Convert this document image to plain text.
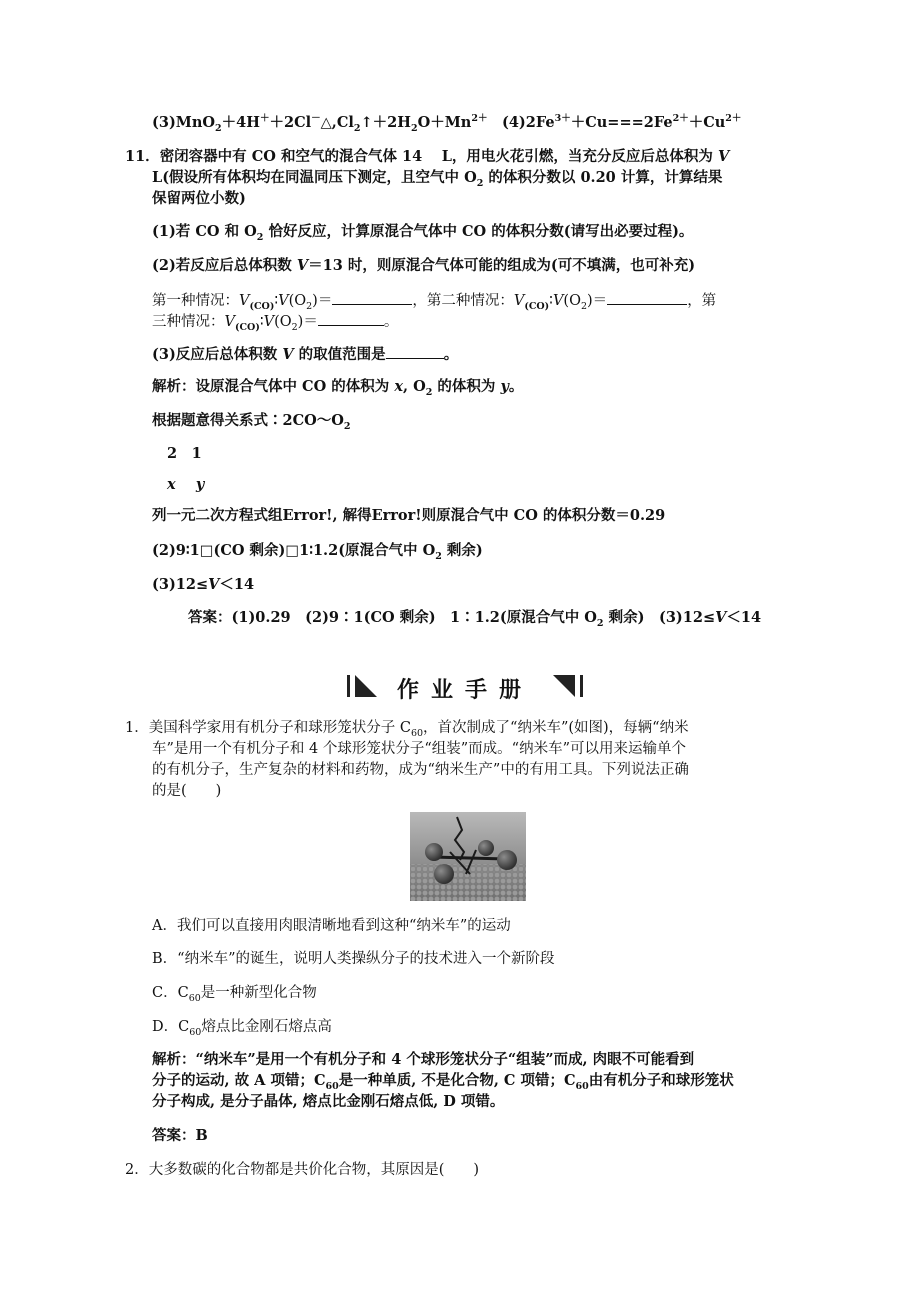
$(3)MnO_2+4H^++2Cl^-\triangle,Cl_2↑+2H_2O+Mn^{2+}$　 $(4)2Fe^{3+}+Cu===2Fe^{2+}+Cu^{2+}$
11．密闭容器中有 CO 和空气的混合气体 14　 L，用电火花引燃，当充分反应后总体积为 V
L(假设所有体积均在同温同压下测定，且空气中 $O_2$ 的体积分数以 0.20 计算，计算结果
保留两位小数)
(1)若 CO 和 $O_2$ 恰好反应，计算原混合气体中 CO 的体积分数(请写出必要过程)。
(2)若反应后总体积数 V＝13 时，则原混合气体可能的组成为(可不填满，也可补充)
第一种情况：$V_{(CO)}∶V(O_2)=$	，第二种情况：$V_{(CO)}∶V(O_2)=$	，第
三种情况：$V_{(CO)}∶V(O_2)=$	。
(3)反应后总体积数 V 的取值范围是	。
解析：设原混合气体中 CO 的体积为 x, $O_2$ 的体积为 y。
根据题意得关系式$∶2CO\sim O_2$
2　1
x y
列一元二次方程式组Error!, 解得Error!则原混合气中 CO 的体积分数＝0.29
(2)9∶1□(CO 剩余)□1∶1.2(原混合气中 $O_2$ 剩余)
(3)12≤V＜14
答案：(1)0.29　(2)9∶1(CO 剩余)　1∶1.2(原混合气中 $O_2$ 剩余)　(3)12≤V＜14
作业手册
1．美国科学家用有机分子和球形笼状分子 $C_{60}$，首次制成了“纳米车”(如图)，每辆“纳米
车”是用一个有机分子和 4 个球形笼状分子“组装”而成。“纳米车”可以用来运输单个
的有机分子，生产复杂的材料和药物，成为“纳米生产”中的有用工具。下列说法正确
的是(　　)
A．我们可以直接用肉眼清晰地看到这种“纳米车”的运动
B．“纳米车”的诞生，说明人类操纵分子的技术进入一个新阶段
C．$C_{60}$是一种新型化合物
D．$C_{60}$熔点比金刚石熔点高
解析：“纳米车”是用一个有机分子和 4 个球形笼状分子“组装”而成, 肉眼不可能看到
分子的运动, 故 A 项错；$C_{60}$是一种单质, 不是化合物, C 项错；$C_{60}$由有机分子和球形笼状
分子构成, 是分子晶体, 熔点比金刚石熔点低, D 项错。
答案：B
2．大多数碳的化合物都是共价化合物，其原因是(　　)
